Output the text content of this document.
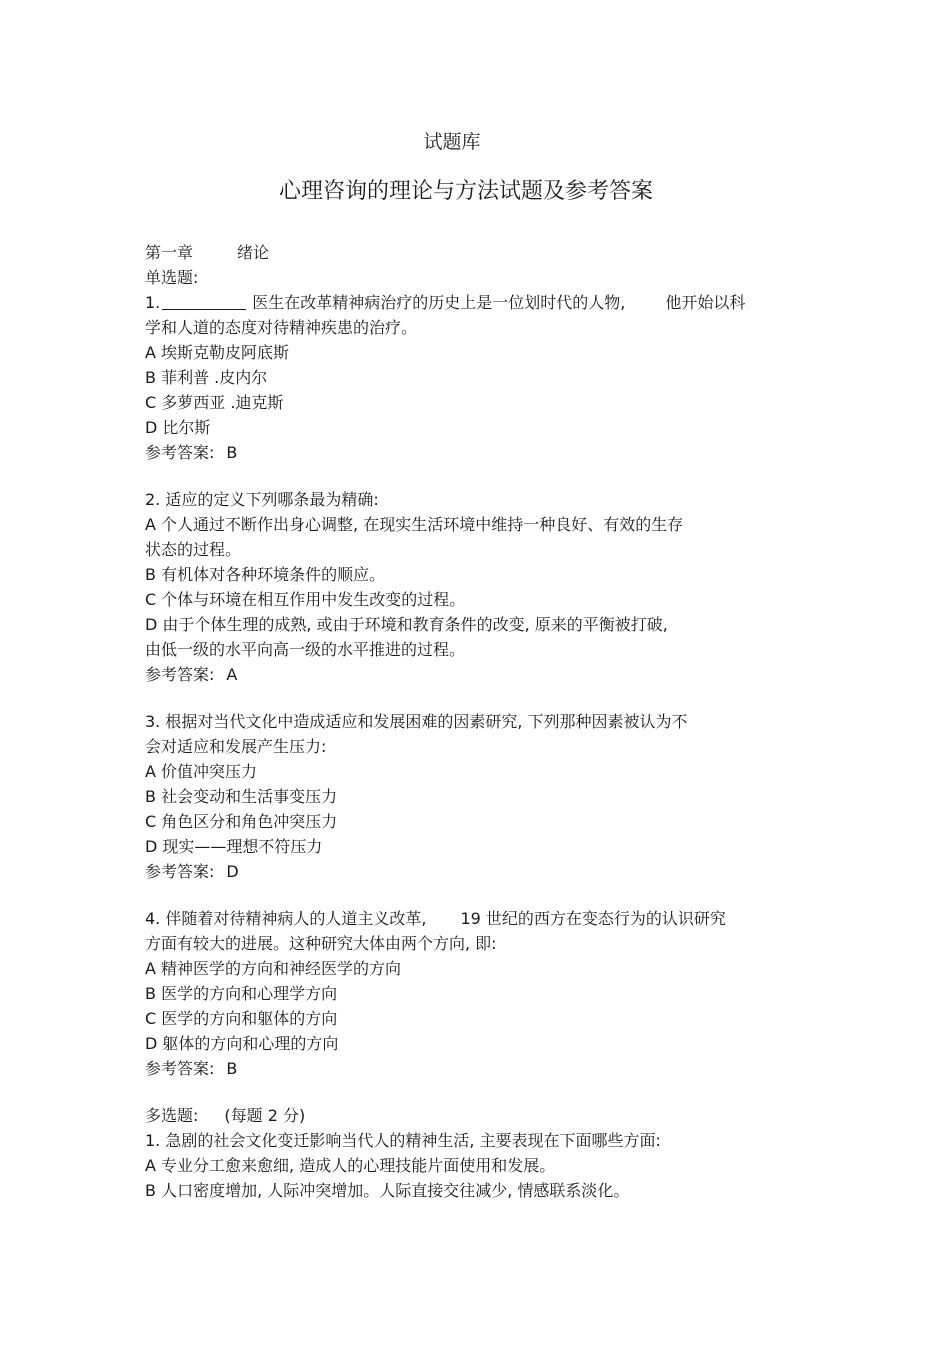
试题库
心理咨询的理论与方法试题及参考答案
第一章	绪论
单选题:
1.	医生在改革精神病治疗的历史上是一位划时代的人物,	他开始以科
学和人道的态度对待精神疾患的治疗。
A 埃斯克勒皮阿底斯
B 菲利普 .皮内尔
C 多萝西亚 .迪克斯
D 比尔斯
参考答案: B
2. 适应的定义下列哪条最为精确:
A 个人通过不断作出身心调整, 在现实生活环境中维持一种良好、有效的生存
状态的过程。
B 有机体对各种环境条件的顺应。
C 个体与环境在相互作用中发生改变的过程。
D 由于个体生理的成熟, 或由于环境和教育条件的改变, 原来的平衡被打破,
由低一级的水平向高一级的水平推进的过程。
参考答案: A
3. 根据对当代文化中造成适应和发展困难的因素研究, 下列那种因素被认为不
会对适应和发展产生压力:
A 价值冲突压力
B 社会变动和生活事变压力
C 角色区分和角色冲突压力
D 现实——理想不符压力
参考答案: D
4. 伴随着对待精神病人的人道主义改革, 19 世纪的西方在变态行为的认识研究
方面有较大的进展。这种研究大体由两个方向, 即:
A 精神医学的方向和神经医学的方向
B 医学的方向和心理学方向
C 医学的方向和躯体的方向
D 躯体的方向和心理的方向
参考答案: B
多选题: (每题 2 分)
1. 急剧的社会文化变迁影响当代人的精神生活, 主要表现在下面哪些方面:
A 专业分工愈来愈细, 造成人的心理技能片面使用和发展。
B 人口密度增加, 人际冲突增加。人际直接交往减少, 情感联系淡化。
